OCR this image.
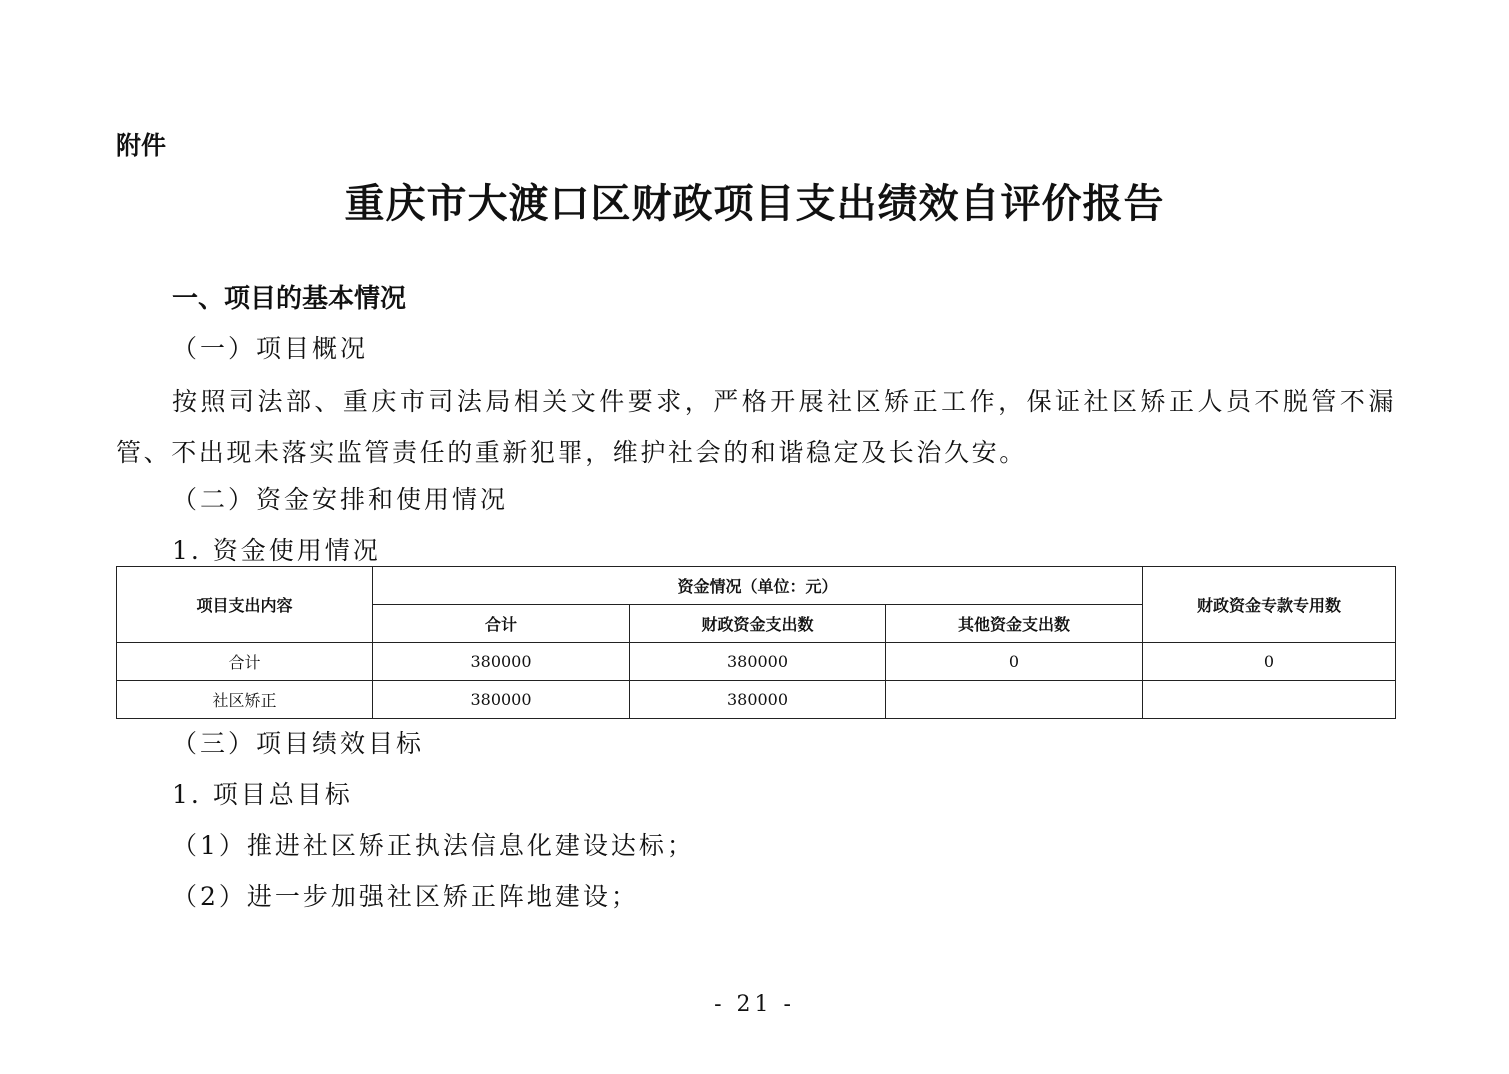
附件
重庆市大渡口区财政项目支出绩效自评价报告
一、项目的基本情况
（一）项目概况
按照司法部、重庆市司法局相关文件要求，严格开展社区矫正工作，保证社区矫正人员不脱管不漏管、不出现未落实监管责任的重新犯罪，维护社会的和谐稳定及长治久安。
（二）资金安排和使用情况
1. 资金使用情况
项目支出内容	资金情况（单位：元）			财政资金专款专用数
	合计	财政资金支出数	其他资金支出数	
合计	380000	380000	0	0
社区矫正	380000	380000		
（三）项目绩效目标
1. 项目总目标
（1）推进社区矫正执法信息化建设达标；
（2）进一步加强社区矫正阵地建设；
- 21 -
